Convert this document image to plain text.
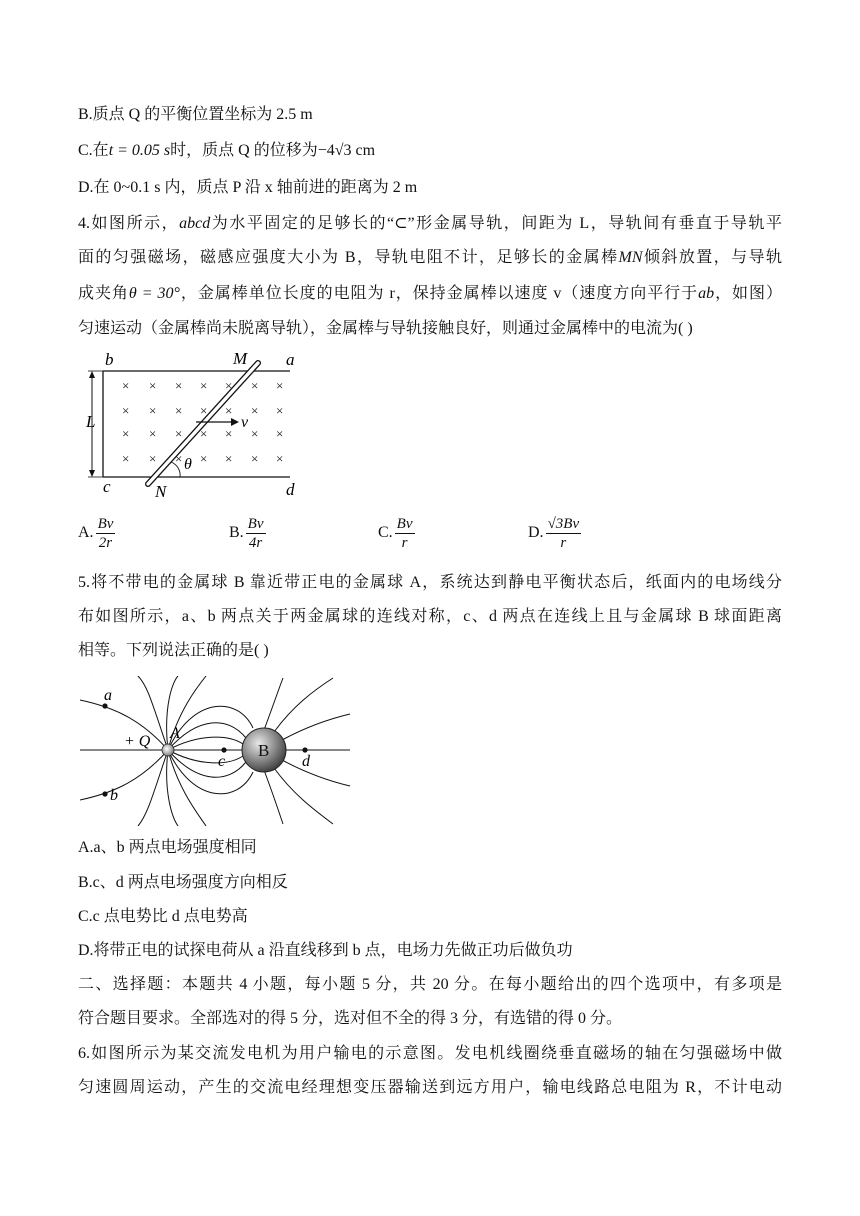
B.质点 Q 的平衡位置坐标为 2.5 m
C.在t = 0.05 s时，质点 Q 的位移为−4√3 cm
D.在 0~0.1 s 内，质点 P 沿 x 轴前进的距离为 2 m
4.如图所示，abcd为水平固定的足够长的“⊂”形金属导轨，间距为 L，导轨间有垂直于导轨平
面的匀强磁场，磁感应强度大小为 B，导轨电阻不计，足够长的金属棒MN倾斜放置，与导轨
成夹角θ = 30°，金属棒单位长度的电阻为 r，保持金属棒以速度 v（速度方向平行于ab，如图）
匀速运动（金属棒尚未脱离导轨），金属棒与导轨接触良好，则通过金属棒中的电流为( )
L
b	a
c	d
× × × × × × ×
× × × × × × ×
× × × × × × ×
× × × × × × ×
M
N
v
θ
A. $\frac{Bv}{2r}$	B. $\frac{Bv}{4r}$	C. $\frac{Bv}{r}$	D. $\frac{√3Bv}{r}$
5.将不带电的金属球 B 靠近带正电的金属球 A，系统达到静电平衡状态后，纸面内的电场线分
布如图所示，a、b 两点关于两金属球的连线对称，c、d 两点在连线上且与金属球 B 球面距离
相等。下列说法正确的是( )
B
A
+ Q
a
b
c	d
A.a、b 两点电场强度相同
B.c、d 两点电场强度方向相反
C.c 点电势比 d 点电势高
D.将带正电的试探电荷从 a 沿直线移到 b 点，电场力先做正功后做负功
二、选择题：本题共 4 小题，每小题 5 分，共 20 分。在每小题给出的四个选项中，有多项是
符合题目要求。全部选对的得 5 分，选对但不全的得 3 分，有选错的得 0 分。
6.如图所示为某交流发电机为用户输电的示意图。发电机线圈绕垂直磁场的轴在匀强磁场中做
匀速圆周运动，产生的交流电经理想变压器输送到远方用户，输电线路总电阻为 R，不计电动
